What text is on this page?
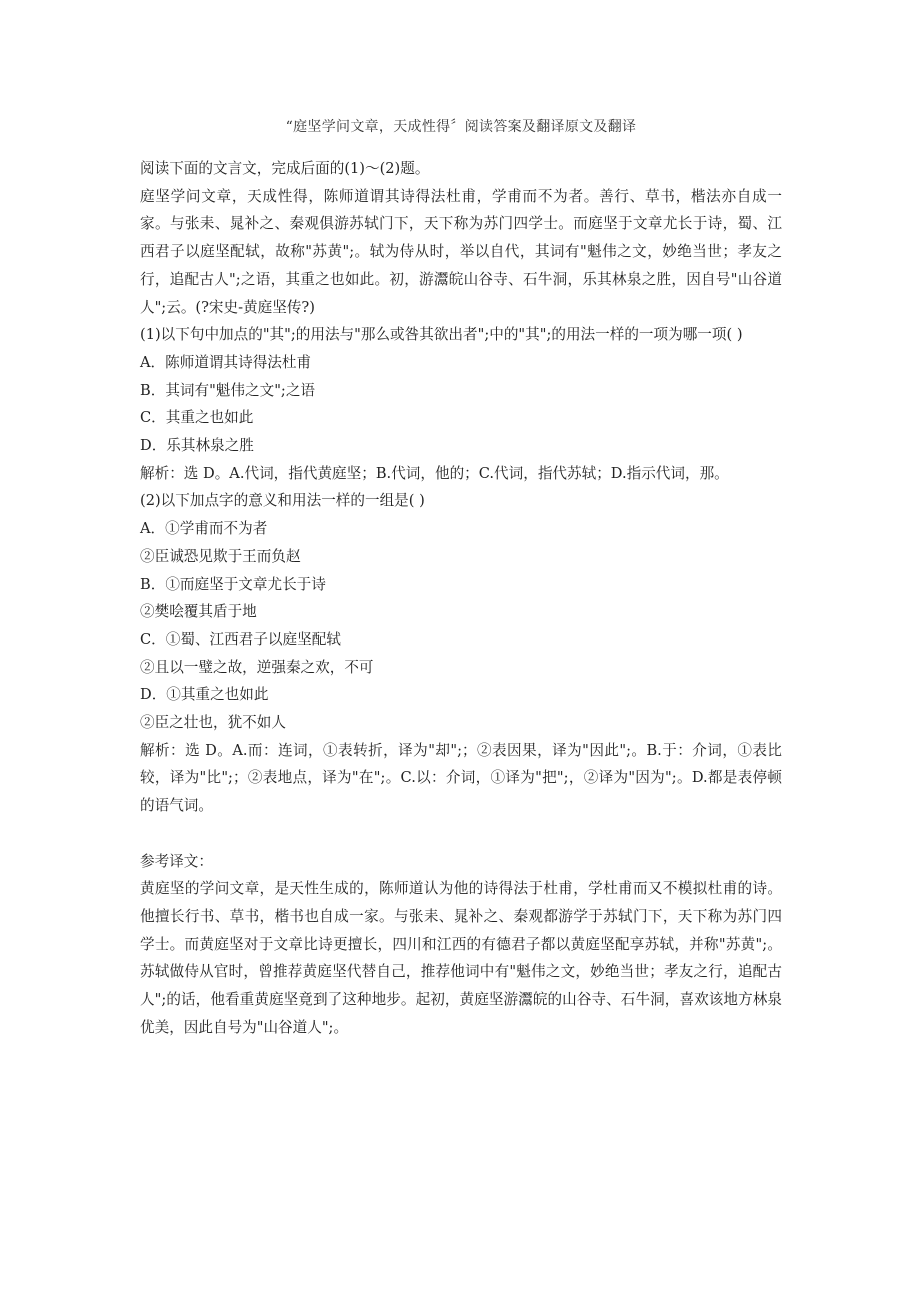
“庭坚学问文章，天成性得〞阅读答案及翻译原文及翻译

阅读下面的文言文，完成后面的(1)～(2)题。

庭坚学问文章，天成性得，陈师道谓其诗得法杜甫，学甫而不为者。善行、草书，楷法亦自成一家。与张耒、晁补之、秦观俱游苏轼门下，天下称为苏门四学士。而庭坚于文章尤长于诗，蜀、江西君子以庭坚配轼，故称"苏黄";。轼为侍从时，举以自代，其词有"魁伟之文，妙绝当世；孝友之行，追配古人";之语，其重之也如此。初，游灊皖山谷寺、石牛洞，乐其林泉之胜，因自号"山谷道人";云。(?宋史-黄庭坚传?)

(1)以下句中加点的"其";的用法与"那么或咎其欲出者";中的"其";的用法一样的一项为哪一项( )

A．陈师道谓其诗得法杜甫

B．其词有"魁伟之文";之语

C．其重之也如此

D．乐其林泉之胜

解析：选 D。A.代词，指代黄庭坚；B.代词，他的；C.代词，指代苏轼；D.指示代词，那。

(2)以下加点字的意义和用法一样的一组是( )

A．①学甫而不为者

②臣诚恐见欺于王而负赵

B．①而庭坚于文章尤长于诗

②樊哙覆其盾于地

C．①蜀、江西君子以庭坚配轼

②且以一璧之故，逆强秦之欢，不可

D．①其重之也如此

②臣之壮也，犹不如人

解析：选 D。A.而：连词，①表转折，译为"却";；②表因果，译为"因此";。B.于：介词，①表比较，译为"比";；②表地点，译为"在";。C.以：介词，①译为"把";，②译为"因为";。D.都是表停顿的语气词。

参考译文：

黄庭坚的学问文章，是天性生成的，陈师道认为他的诗得法于杜甫，学杜甫而又不模拟杜甫的诗。他擅长行书、草书，楷书也自成一家。与张耒、晁补之、秦观都游学于苏轼门下，天下称为苏门四学士。而黄庭坚对于文章比诗更擅长，四川和江西的有德君子都以黄庭坚配享苏轼，并称"苏黄";。苏轼做侍从官时，曾推荐黄庭坚代替自己，推荐他词中有"魁伟之文，妙绝当世；孝友之行，追配古人";的话，他看重黄庭坚竟到了这种地步。起初，黄庭坚游灊皖的山谷寺、石牛洞，喜欢该地方林泉优美，因此自号为"山谷道人";。
